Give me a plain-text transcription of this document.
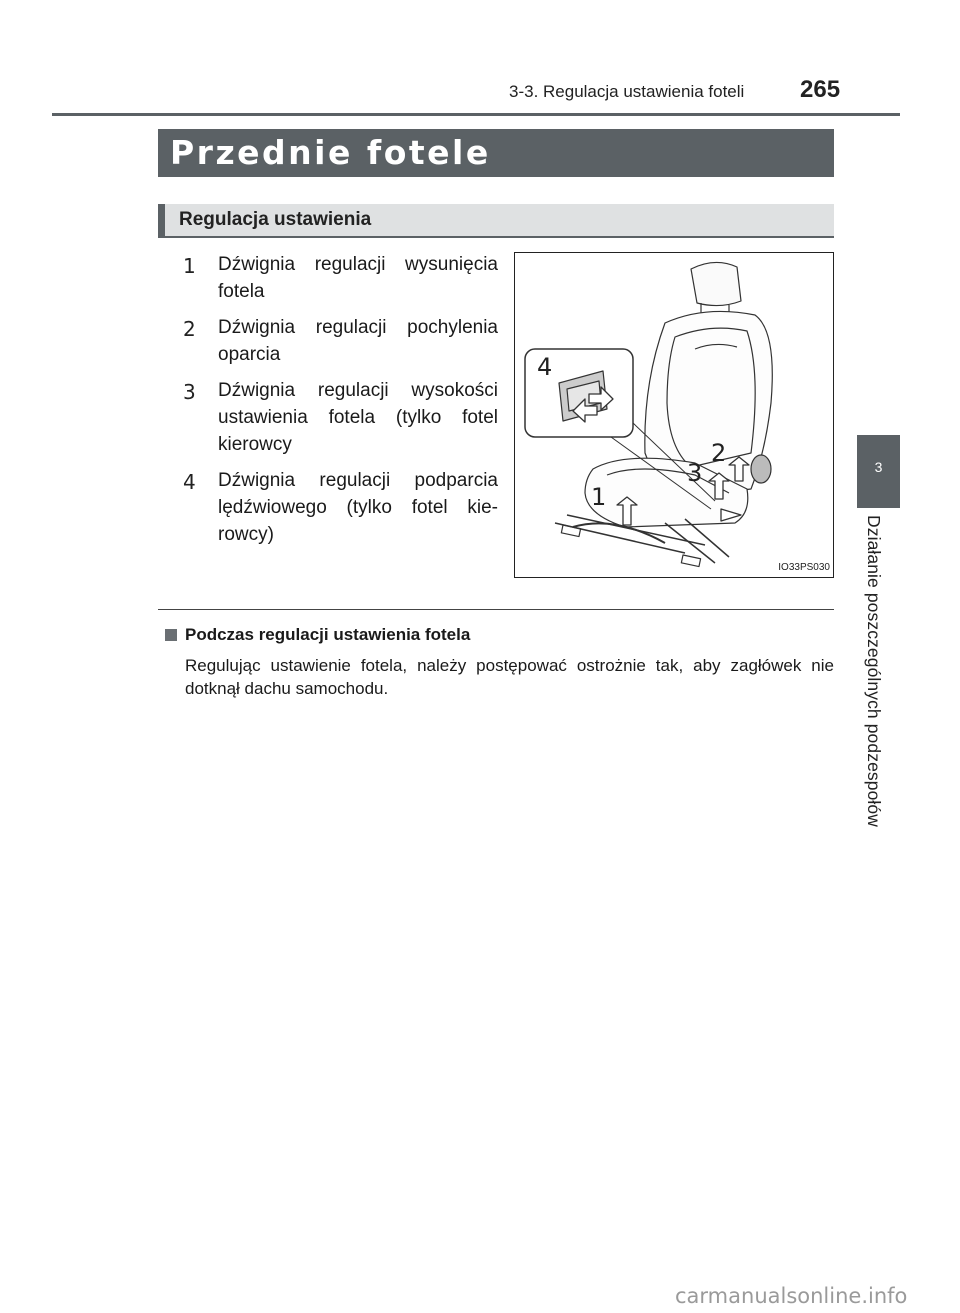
3-3. Regulacja ustawienia foteli 265
3
Działanie poszczególnych podzespołów
Przednie fotele
Regulacja ustawienia
1 Dźwignia regulacji wysunięcia fotela
2 Dźwignia regulacji pochylenia oparcia
3 Dźwignia regulacji wysokości ustawienia fotela (tylko fotel kierowcy
4 Dźwignia regulacji podparcia lędźwiowego (tylko fotel kie- rowcy)
1
2
3
4
IO33PS030
Podczas regulacji ustawienia fotela
Regulując ustawienie fotela, należy postępować ostrożnie tak, aby zagłówek nie dotknął dachu samochodu.
carmanualsonline.info
